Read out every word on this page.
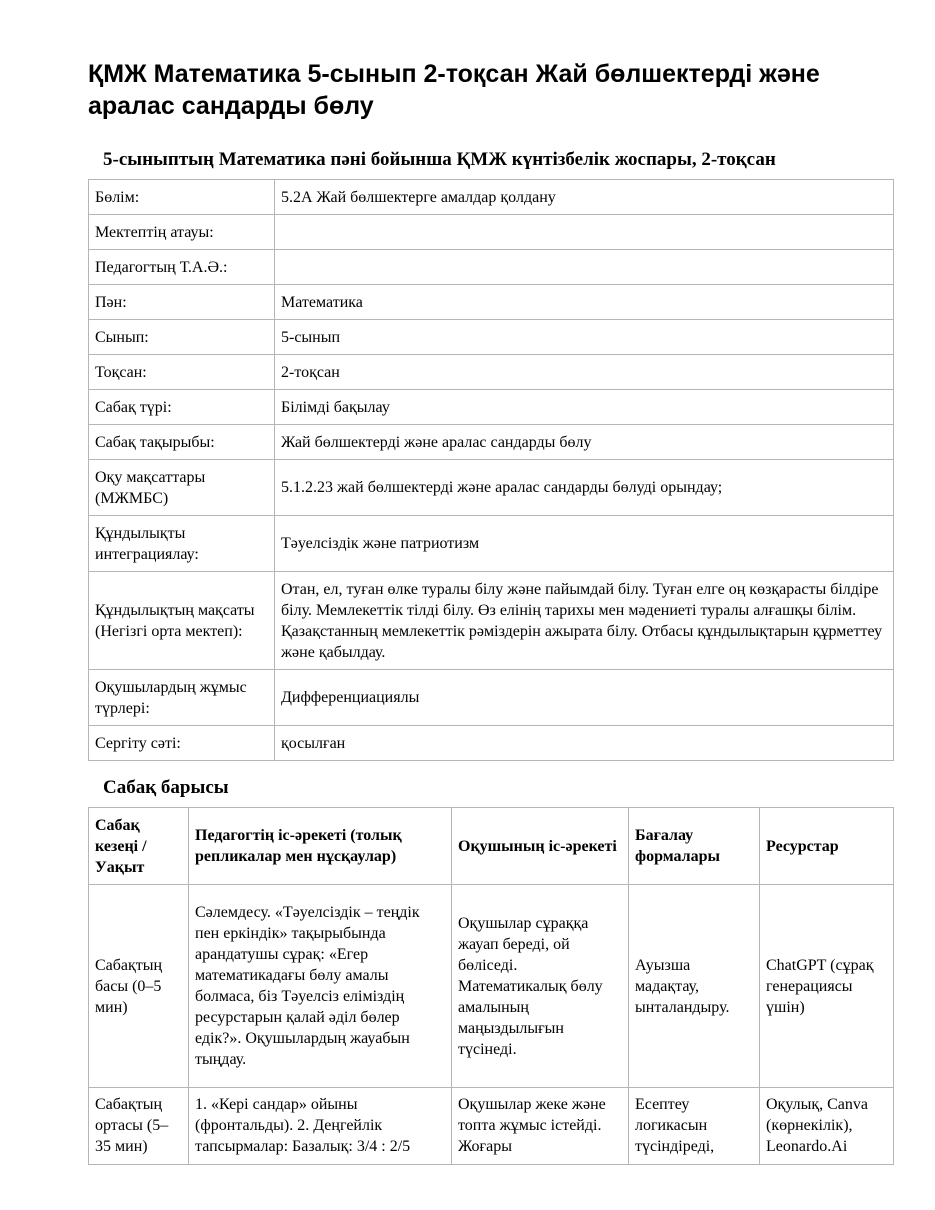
ҚМЖ Математика 5-сынып 2-тоқсан Жай бөлшектерді және аралас сандарды бөлу

5-сыныптың Математика пәні бойынша ҚМЖ күнтізбелік жоспары, 2-тоқсан

Бөлім:	5.2А Жай бөлшектерге амалдар қолдану
Мектептің атауы:	
Педагогтың Т.А.Ә.:	
Пән:	Математика
Сынып:	5-сынып
Тоқсан:	2-тоқсан
Сабақ түрі:	Білімді бақылау
Сабақ тақырыбы:	Жай бөлшектерді және аралас сандарды бөлу
Оқу мақсаттары (МЖМБС)	5.1.2.23 жай бөлшектерді және аралас сандарды бөлуді орындау;
Құндылықты интеграциялау:	Тәуелсіздік және патриотизм
Құндылықтың мақсаты (Негізгі орта мектеп):	Отан, ел, туған өлке туралы білу және пайымдай білу. Туған елге оң көзқарасты білдіре білу. Мемлекеттік тілді білу. Өз елінің тарихы мен мәдениеті туралы алғашқы білім. Қазақстанның мемлекеттік рәміздерін ажырата білу. Отбасы құндылықтарын құрметтеу және қабылдау.
Оқушылардың жұмыс түрлері:	Дифференциациялы
Сергіту сәті:	қосылған

Сабақ барысы

Сабақ кезеңі / Уақыт	Педагогтің іс-әрекеті (толық репликалар мен нұсқаулар)	Оқушының іс-әрекеті	Бағалау формалары	Ресурстар
Сабақтың басы (0–5 мин)	Сәлемдесу. «Тәуелсіздік – теңдік пен еркіндік» тақырыбында арандатушы сұрақ: «Егер математикадағы бөлу амалы болмаса, біз Тәуелсіз еліміздің ресурстарын қалай әділ бөлер едік?». Оқушылардың жауабын тыңдау.	Оқушылар сұраққа жауап береді, ой бөліседі. Математикалық бөлу амалының маңыздылығын түсінеді.	Ауызша мадақтау, ынталандыру.	ChatGPT (сұрақ генерациясы үшін)
Сабақтың ортасы (5–35 мин)	1. «Кері сандар» ойыны (фронтальды). 2. Деңгейлік тапсырмалар: Базалық: 3/4 : 2/5	Оқушылар жеке және топта жұмыс істейді. Жоғары	Есептеу логикасын түсіндіреді,	Оқулық, Canva (көрнекілік), Leonardo.Ai
